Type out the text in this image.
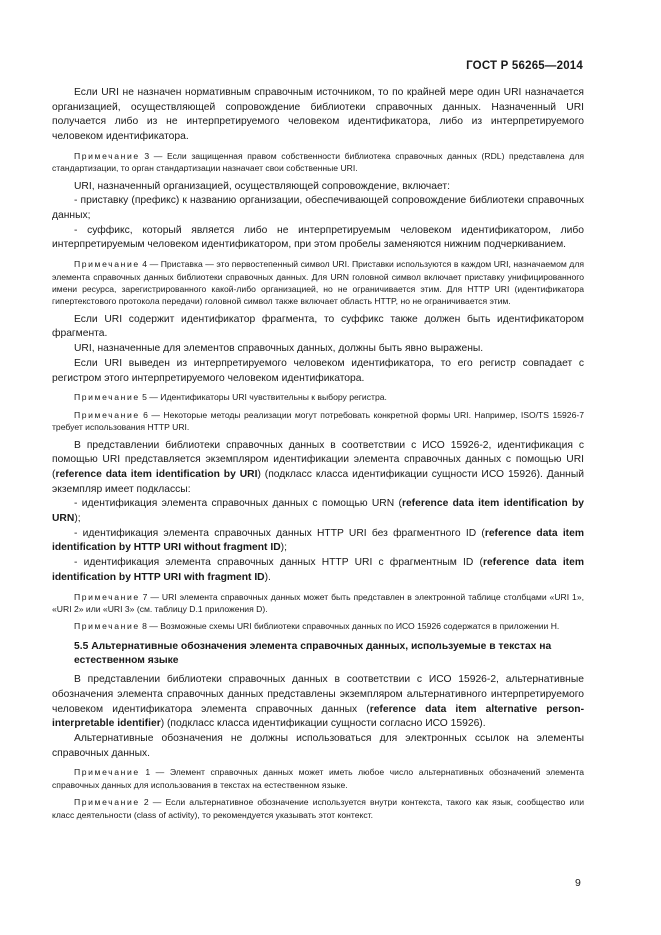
ГОСТ Р 56265—2014

Если URI не назначен нормативным справочным источником, то по крайней мере один URI назначается организацией, осуществляющей сопровождение библиотеки справочных данных. Назначенный URI получается либо из не интерпретируемого человеком идентификатора, либо из интерпретируемого человеком идентификатора.

Примечание 3 — Если защищенная правом собственности библиотека справочных данных (RDL) представлена для стандартизации, то орган стандартизации назначает свои собственные URI.

URI, назначенный организацией, осуществляющей сопровождение, включает:

- приставку (префикс) к названию организации, обеспечивающей сопровождение библиотеки справочных данных;

- суффикс, который является либо не интерпретируемым человеком идентификатором, либо интерпретируемым человеком идентификатором, при этом пробелы заменяются нижним подчеркиванием.

Примечание 4 — Приставка — это первостепенный символ URI. Приставки используются в каждом URI, назначаемом для элемента справочных данных библиотеки справочных данных. Для URN головной символ включает приставку унифицированного имени ресурса, зарегистрированного какой-либо организацией, но не ограничивается этим. Для HTTP URI (идентификатора гипертекстового протокола передачи) головной символ также включает область HTTP, но не ограничивается этим.

Если URI содержит идентификатор фрагмента, то суффикс также должен быть идентификатором фрагмента.

URI, назначенные для элементов справочных данных, должны быть явно выражены.

Если URI выведен из интерпретируемого человеком идентификатора, то его регистр совпадает с регистром этого интерпретируемого человеком идентификатора.

Примечание 5 — Идентификаторы URI чувствительны к выбору регистра.

Примечание 6 — Некоторые методы реализации могут потребовать конкретной формы URI. Например, ISO/TS 15926-7 требует использования HTTP URI.

В представлении библиотеки справочных данных в соответствии с ИСО 15926-2, идентификация с помощью URI представляется экземпляром идентификации элемента справочных данных с помощью URI (reference data item identification by URI) (подкласс класса идентификации сущности ИСО 15926). Данный экземпляр имеет подклассы:

- идентификация элемента справочных данных с помощью URN (reference data item identification by URN);

- идентификация элемента справочных данных HTTP URI без фрагментного ID (reference data item identification by HTTP URI without fragment ID);

- идентификация элемента справочных данных HTTP URI с фрагментным ID (reference data item identification by HTTP URI with fragment ID).

Примечание 7 — URI элемента справочных данных может быть представлен в электронной таблице столбцами «URI 1», «URI 2» или «URI 3» (см. таблицу D.1 приложения D).

Примечание 8 — Возможные схемы URI библиотеки справочных данных по ИСО 15926 содержатся в приложении H.

5.5 Альтернативные обозначения элемента справочных данных, используемые в текстах на естественном языке

В представлении библиотеки справочных данных в соответствии с ИСО 15926-2, альтернативные обозначения элемента справочных данных представлены экземпляром альтернативного интерпретируемого человеком идентификатора элемента справочных данных (reference data item alternative person-interpretable identifier) (подкласс класса идентификации сущности согласно ИСО 15926).

Альтернативные обозначения не должны использоваться для электронных ссылок на элементы справочных данных.

Примечание 1 — Элемент справочных данных может иметь любое число альтернативных обозначений элемента справочных данных для использования в текстах на естественном языке.

Примечание 2 — Если альтернативное обозначение используется внутри контекста, такого как язык, сообщество или класс деятельности (class of activity), то рекомендуется указывать этот контекст.

9
